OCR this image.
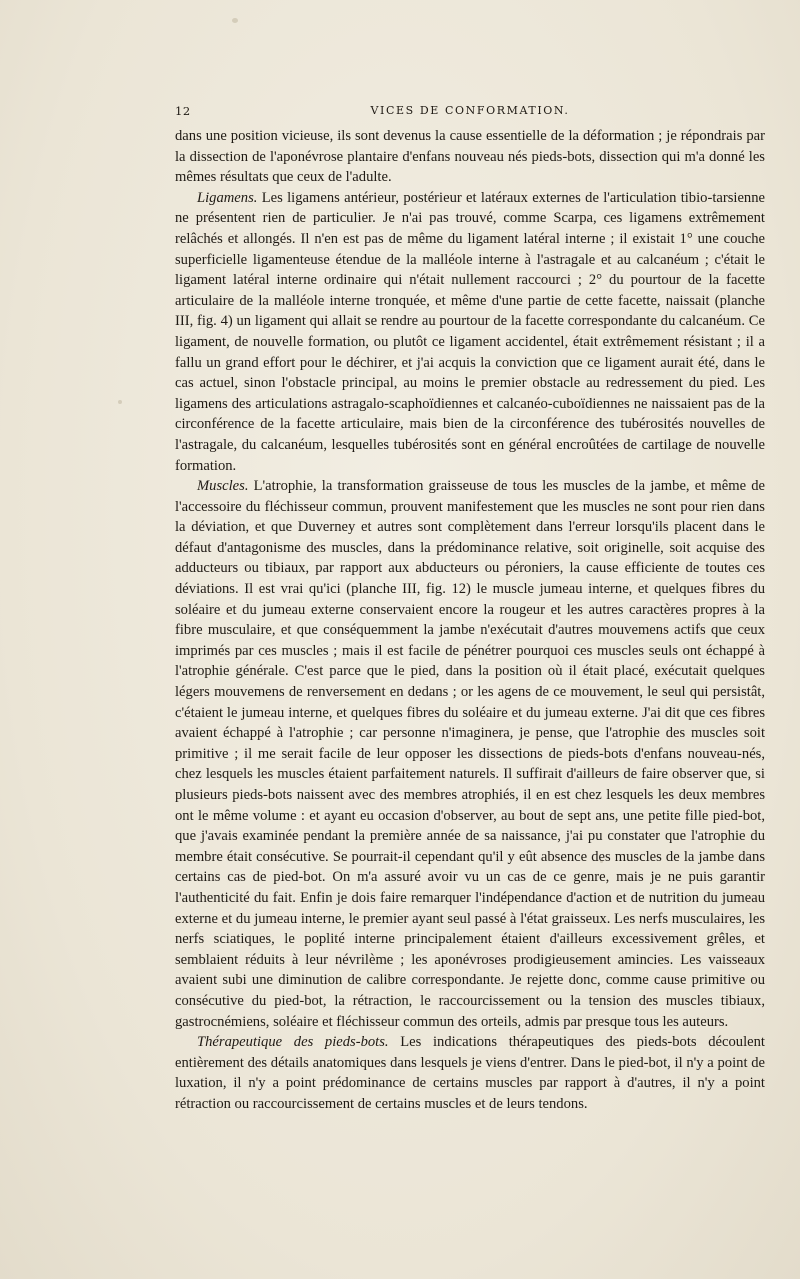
12	VICES DE CONFORMATION.

dans une position vicieuse, ils sont devenus la cause essentielle de la déformation ; je répondrais par la dissection de l'aponévrose plantaire d'enfans nouveau nés pieds-bots, dissection qui m'a donné les mêmes résultats que ceux de l'adulte.

Ligamens. Les ligamens antérieur, postérieur et latéraux externes de l'articulation tibio-tarsienne ne présentent rien de particulier. Je n'ai pas trouvé, comme Scarpa, ces ligamens extrêmement relâchés et allongés. Il n'en est pas de même du ligament latéral interne ; il existait 1° une couche superficielle ligamenteuse étendue de la malléole interne à l'astragale et au calcanéum ; c'était le ligament latéral interne ordinaire qui n'était nullement raccourci ; 2° du pourtour de la facette articulaire de la malléole interne tronquée, et même d'une partie de cette facette, naissait (planche III, fig. 4) un ligament qui allait se rendre au pourtour de la facette correspondante du calcanéum. Ce ligament, de nouvelle formation, ou plutôt ce ligament accidentel, était extrêmement résistant ; il a fallu un grand effort pour le déchirer, et j'ai acquis la conviction que ce ligament aurait été, dans le cas actuel, sinon l'obstacle principal, au moins le premier obstacle au redressement du pied. Les ligamens des articulations astragalo-scaphoïdiennes et calcanéo-cuboïdiennes ne naissaient pas de la circonférence de la facette articulaire, mais bien de la circonférence des tubérosités nouvelles de l'astragale, du calcanéum, lesquelles tubérosités sont en général encroûtées de cartilage de nouvelle formation.

Muscles. L'atrophie, la transformation graisseuse de tous les muscles de la jambe, et même de l'accessoire du fléchisseur commun, prouvent manifestement que les muscles ne sont pour rien dans la déviation, et que Duverney et autres sont complètement dans l'erreur lorsqu'ils placent dans le défaut d'antagonisme des muscles, dans la prédominance relative, soit originelle, soit acquise des adducteurs ou tibiaux, par rapport aux abducteurs ou péroniers, la cause efficiente de toutes ces déviations. Il est vrai qu'ici (planche III, fig. 12) le muscle jumeau interne, et quelques fibres du soléaire et du jumeau externe conservaient encore la rougeur et les autres caractères propres à la fibre musculaire, et que conséquemment la jambe n'exécutait d'autres mouvemens actifs que ceux imprimés par ces muscles ; mais il est facile de pénétrer pourquoi ces muscles seuls ont échappé à l'atrophie générale. C'est parce que le pied, dans la position où il était placé, exécutait quelques légers mouvemens de renversement en dedans ; or les agens de ce mouvement, le seul qui persistât, c'étaient le jumeau interne, et quelques fibres du soléaire et du jumeau externe. J'ai dit que ces fibres avaient échappé à l'atrophie ; car personne n'imaginera, je pense, que l'atrophie des muscles soit primitive ; il me serait facile de leur opposer les dissections de pieds-bots d'enfans nouveau-nés, chez lesquels les muscles étaient parfaitement naturels. Il suffirait d'ailleurs de faire observer que, si plusieurs pieds-bots naissent avec des membres atrophiés, il en est chez lesquels les deux membres ont le même volume : et ayant eu occasion d'observer, au bout de sept ans, une petite fille pied-bot, que j'avais examinée pendant la première année de sa naissance, j'ai pu constater que l'atrophie du membre était consécutive. Se pourrait-il cependant qu'il y eût absence des muscles de la jambe dans certains cas de pied-bot. On m'a assuré avoir vu un cas de ce genre, mais je ne puis garantir l'authenticité du fait. Enfin je dois faire remarquer l'indépendance d'action et de nutrition du jumeau externe et du jumeau interne, le premier ayant seul passé à l'état graisseux. Les nerfs musculaires, les nerfs sciatiques, le poplité interne principalement étaient d'ailleurs excessivement grêles, et semblaient réduits à leur névrilème ; les aponévroses prodigieusement amincies. Les vaisseaux avaient subi une diminution de calibre correspondante. Je rejette donc, comme cause primitive ou consécutive du pied-bot, la rétraction, le raccourcissement ou la tension des muscles tibiaux, gastrocnémiens, soléaire et fléchisseur commun des orteils, admis par presque tous les auteurs.

Thérapeutique des pieds-bots. Les indications thérapeutiques des pieds-bots découlent entièrement des détails anatomiques dans lesquels je viens d'entrer. Dans le pied-bot, il n'y a point de luxation, il n'y a point prédominance de certains muscles par rapport à d'autres, il n'y a point rétraction ou raccourcissement de certains muscles et de leurs tendons.
